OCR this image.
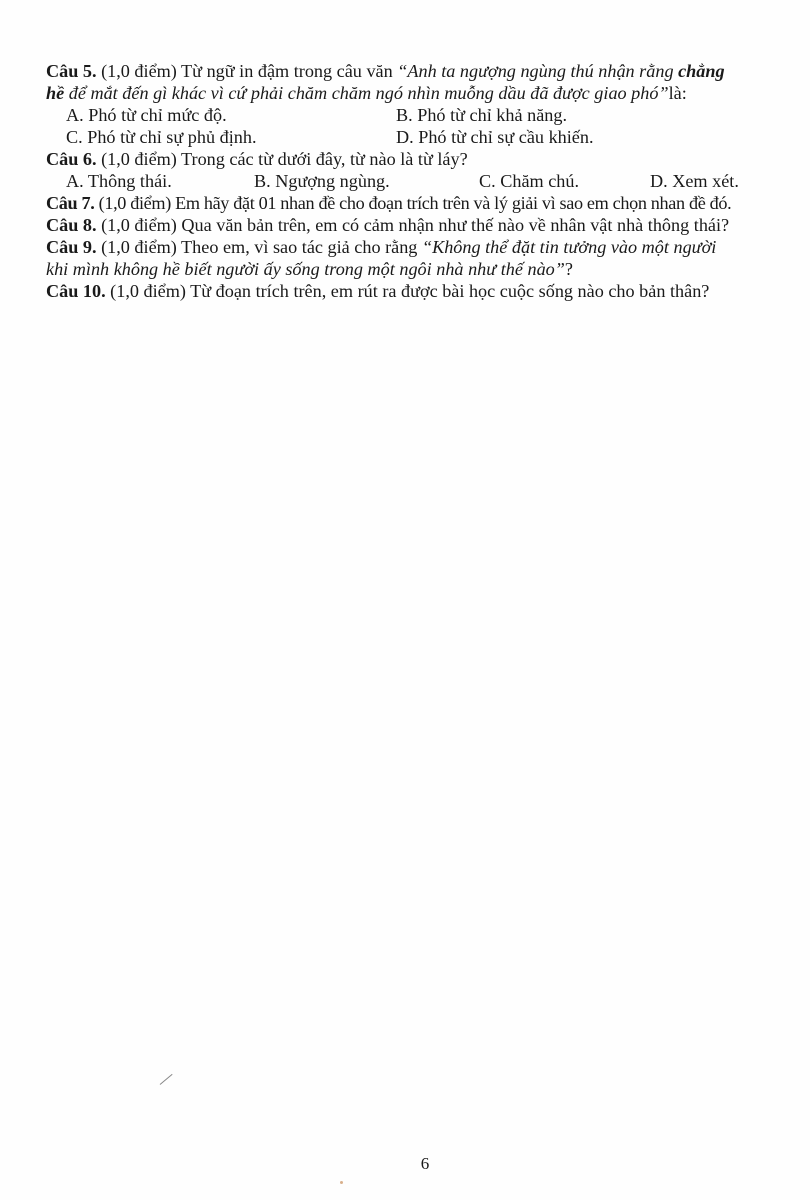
Câu 5. (1,0 điểm) Từ ngữ in đậm trong câu văn “Anh ta ngượng ngùng thú nhận rằng chẳng
hề để mắt đến gì khác vì cứ phải chăm chăm ngó nhìn muỗng dầu đã được giao phó”là:
A. Phó từ chỉ mức độ.	B. Phó từ chỉ khả năng.
C. Phó từ chỉ sự phủ định.	D. Phó từ chỉ sự cầu khiến.
Câu 6. (1,0 điểm) Trong các từ dưới đây, từ nào là từ láy?
A. Thông thái.	B. Ngượng ngùng.	C. Chăm chú.	D. Xem xét.
Câu 7. (1,0 điểm) Em hãy đặt 01 nhan đề cho đoạn trích trên và lý giải vì sao em chọn nhan đề đó.
Câu 8. (1,0 điểm) Qua văn bản trên, em có cảm nhận như thế nào về nhân vật nhà thông thái?
Câu 9. (1,0 điểm) Theo em, vì sao tác giả cho rằng “Không thể đặt tin tưởng vào một người
khi mình không hề biết người ấy sống trong một ngôi nhà như thế nào”?
Câu 10. (1,0 điểm) Từ đoạn trích trên, em rút ra được bài học cuộc sống nào cho bản thân?
6
